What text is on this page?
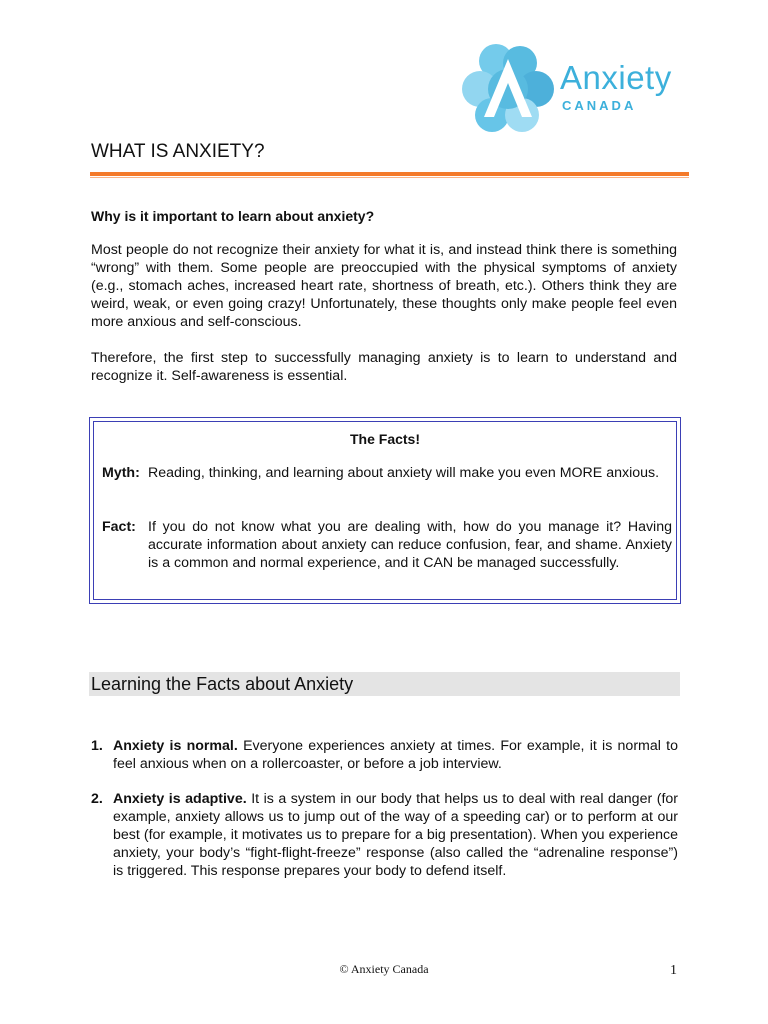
Anxiety
CANADA
WHAT IS ANXIETY?
Why is it important to learn about anxiety?
Most people do not recognize their anxiety for what it is, and instead think there is something “wrong” with them. Some people are preoccupied with the physical symptoms of anxiety (e.g., stomach aches, increased heart rate, shortness of breath, etc.). Others think they are weird, weak, or even going crazy! Unfortunately, these thoughts only make people feel even more anxious and self-conscious.
Therefore, the first step to successfully managing anxiety is to learn to understand and recognize it. Self-awareness is essential.
The Facts!
Myth: Reading, thinking, and learning about anxiety will make you even MORE anxious.
Fact: If you do not know what you are dealing with, how do you manage it? Having accurate information about anxiety can reduce confusion, fear, and shame. Anxiety is a common and normal experience, and it CAN be managed successfully.
Learning the Facts about Anxiety
1. Anxiety is normal. Everyone experiences anxiety at times. For example, it is normal to feel anxious when on a rollercoaster, or before a job interview.
2. Anxiety is adaptive. It is a system in our body that helps us to deal with real danger (for example, anxiety allows us to jump out of the way of a speeding car) or to perform at our best (for example, it motivates us to prepare for a big presentation). When you experience anxiety, your body’s “fight-flight-freeze” response (also called the “adrenaline response”) is triggered. This response prepares your body to defend itself.
© Anxiety Canada	1
